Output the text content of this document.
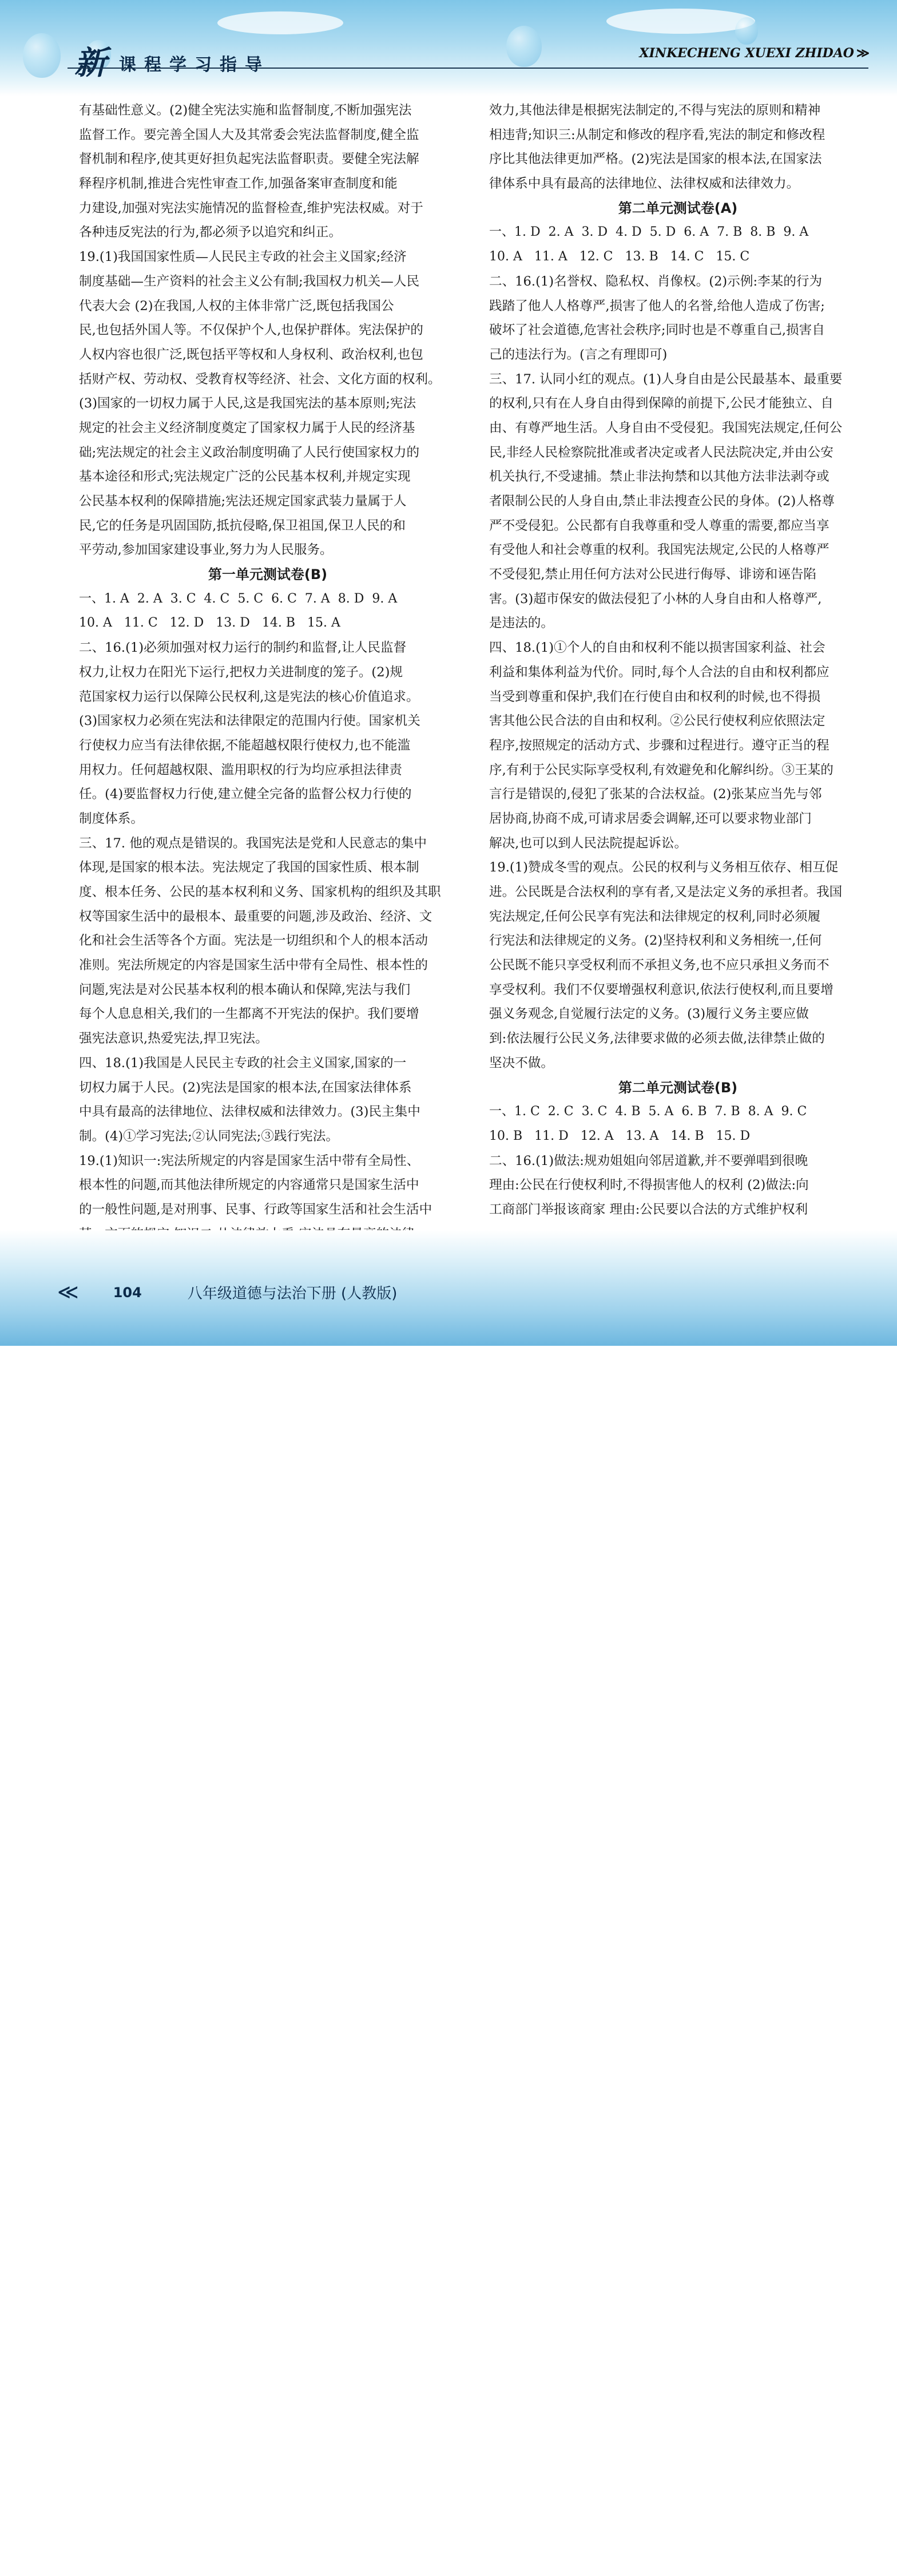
新 课程学习指导
XINKECHENG XUEXI ZHIDAO ≫
有基础性意义。(2)健全宪法实施和监督制度,不断加强宪法
监督工作。要完善全国人大及其常委会宪法监督制度,健全监
督机制和程序,使其更好担负起宪法监督职责。要健全宪法解
释程序机制,推进合宪性审查工作,加强备案审查制度和能
力建设,加强对宪法实施情况的监督检查,维护宪法权威。对于
各种违反宪法的行为,都必须予以追究和纠正。
19.(1)我国国家性质—人民民主专政的社会主义国家;经济
制度基础—生产资料的社会主义公有制;我国权力机关—人民
代表大会 (2)在我国,人权的主体非常广泛,既包括我国公
民,也包括外国人等。不仅保护个人,也保护群体。宪法保护的
人权内容也很广泛,既包括平等权和人身权利、政治权利,也包
括财产权、劳动权、受教育权等经济、社会、文化方面的权利。
(3)国家的一切权力属于人民,这是我国宪法的基本原则;宪法
规定的社会主义经济制度奠定了国家权力属于人民的经济基
础;宪法规定的社会主义政治制度明确了人民行使国家权力的
基本途径和形式;宪法规定广泛的公民基本权利,并规定实现
公民基本权利的保障措施;宪法还规定国家武装力量属于人
民,它的任务是巩固国防,抵抗侵略,保卫祖国,保卫人民的和
平劳动,参加国家建设事业,努力为人民服务。
第一单元测试卷(B)
一、1. A  2. A  3. C  4. C  5. C  6. C  7. A  8. D  9. A
10. A   11. C   12. D   13. D   14. B   15. A
二、16.(1)必须加强对权力运行的制约和监督,让人民监督
权力,让权力在阳光下运行,把权力关进制度的笼子。(2)规
范国家权力运行以保障公民权利,这是宪法的核心价值追求。
(3)国家权力必须在宪法和法律限定的范围内行使。国家机关
行使权力应当有法律依据,不能超越权限行使权力,也不能滥
用权力。任何超越权限、滥用职权的行为均应承担法律责
任。(4)要监督权力行使,建立健全完备的监督公权力行使的
制度体系。
三、17. 他的观点是错误的。我国宪法是党和人民意志的集中
体现,是国家的根本法。宪法规定了我国的国家性质、根本制
度、根本任务、公民的基本权利和义务、国家机构的组织及其职
权等国家生活中的最根本、最重要的问题,涉及政治、经济、文
化和社会生活等各个方面。宪法是一切组织和个人的根本活动
准则。宪法所规定的内容是国家生活中带有全局性、根本性的
问题,宪法是对公民基本权利的根本确认和保障,宪法与我们
每个人息息相关,我们的一生都离不开宪法的保护。我们要增
强宪法意识,热爱宪法,捍卫宪法。
四、18.(1)我国是人民民主专政的社会主义国家,国家的一
切权力属于人民。(2)宪法是国家的根本法,在国家法律体系
中具有最高的法律地位、法律权威和法律效力。(3)民主集中
制。(4)①学习宪法;②认同宪法;③践行宪法。
19.(1)知识一:宪法所规定的内容是国家生活中带有全局性、
根本性的问题,而其他法律所规定的内容通常只是国家生活中
的一般性问题,是对刑事、民事、行政等国家生活和社会生活中
效力,其他法律是根据宪法制定的,不得与宪法的原则和精神
相违背;知识三:从制定和修改的程序看,宪法的制定和修改程
序比其他法律更加严格。(2)宪法是国家的根本法,在国家法
律体系中具有最高的法律地位、法律权威和法律效力。
第二单元测试卷(A)
一、1. D  2. A  3. D  4. D  5. D  6. A  7. B  8. B  9. A
10. A   11. A   12. C   13. B   14. C   15. C
二、16.(1)名誉权、隐私权、肖像权。(2)示例:李某的行为
践踏了他人人格尊严,损害了他人的名誉,给他人造成了伤害;
破坏了社会道德,危害社会秩序;同时也是不尊重自己,损害自
己的违法行为。(言之有理即可)
三、17. 认同小红的观点。(1)人身自由是公民最基本、最重要
的权利,只有在人身自由得到保障的前提下,公民才能独立、自
由、有尊严地生活。人身自由不受侵犯。我国宪法规定,任何公
民,非经人民检察院批准或者决定或者人民法院决定,并由公安
机关执行,不受逮捕。禁止非法拘禁和以其他方法非法剥夺或
者限制公民的人身自由,禁止非法搜查公民的身体。(2)人格尊
严不受侵犯。公民都有自我尊重和受人尊重的需要,都应当享
有受他人和社会尊重的权利。我国宪法规定,公民的人格尊严
不受侵犯,禁止用任何方法对公民进行侮辱、诽谤和诬告陷
害。(3)超市保安的做法侵犯了小林的人身自由和人格尊严,
是违法的。
四、18.(1)①个人的自由和权利不能以损害国家利益、社会
利益和集体利益为代价。同时,每个人合法的自由和权利都应
当受到尊重和保护,我们在行使自由和权利的时候,也不得损
害其他公民合法的自由和权利。②公民行使权利应依照法定
程序,按照规定的活动方式、步骤和过程进行。遵守正当的程
序,有利于公民实际享受权利,有效避免和化解纠纷。③王某的
言行是错误的,侵犯了张某的合法权益。(2)张某应当先与邻
居协商,协商不成,可请求居委会调解,还可以要求物业部门
解决,也可以到人民法院提起诉讼。
19.(1)赞成冬雪的观点。公民的权利与义务相互依存、相互促
进。公民既是合法权利的享有者,又是法定义务的承担者。我国
宪法规定,任何公民享有宪法和法律规定的权利,同时必须履
行宪法和法律规定的义务。(2)坚持权利和义务相统一,任何
公民既不能只享受权利而不承担义务,也不应只承担义务而不
享受权利。我们不仅要增强权利意识,依法行使权利,而且要增
强义务观念,自觉履行法定的义务。(3)履行义务主要应做
到:依法履行公民义务,法律要求做的必须去做,法律禁止做的
坚决不做。
第二单元测试卷(B)
一、1. C  2. C  3. C  4. B  5. A  6. B  7. B  8. A  9. C
10. B   11. D   12. A   13. A   14. B   15. D
二、16.(1)做法:规劝姐姐向邻居道歉,并不要弹唱到很晚
理由:公民在行使权利时,不得损害他人的权利 (2)做法:向
工商部门举报该商家 理由:公民要以合法的方式维护权利
≪	104	八年级道德与法治下册 (人教版)
